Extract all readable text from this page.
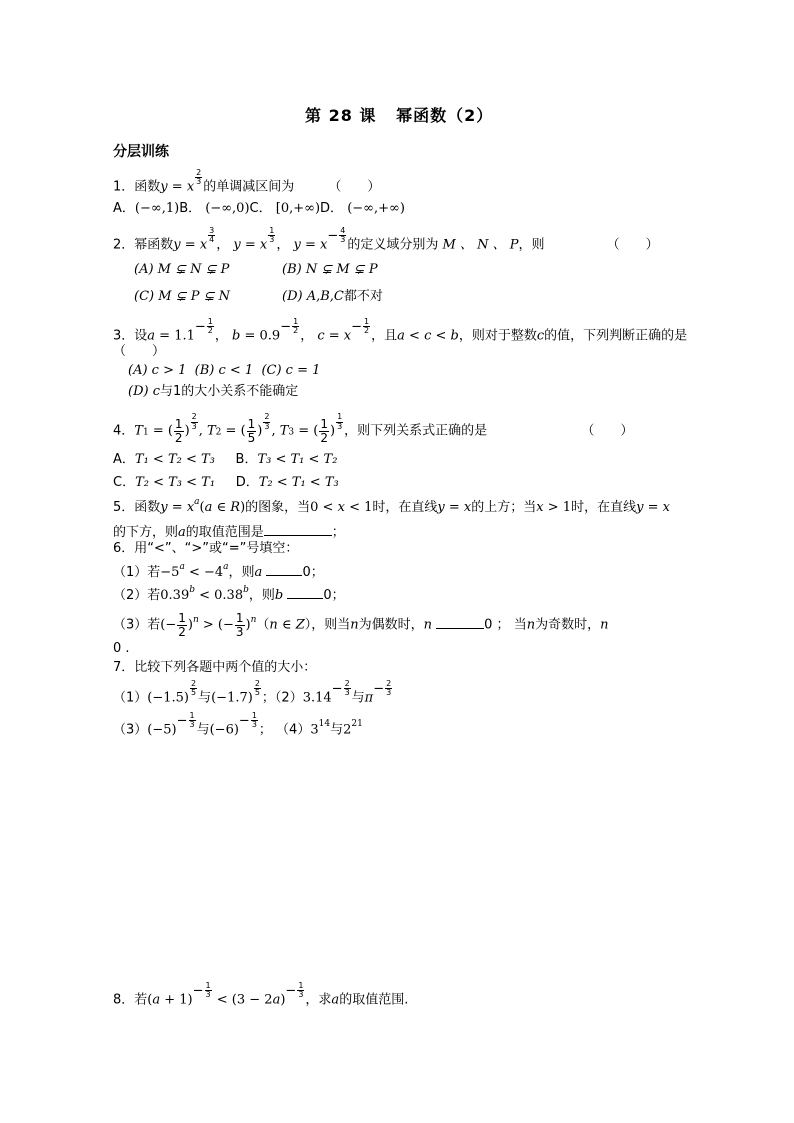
第 28 课 幂函数（2）
分层训练
1．函数y = x
$\frac{2}{3}$
的单调减区间为	（　　）
A．(−∞,1)B． (−∞,0)C． [0,+∞)D． (−∞,+∞)
2．幂函数y = x
$\frac{3}{4}$
， y = x
$\frac{1}{3}$
， $y = x- \frac{4}{3}$
的定义域分别为 M 、 N 、 P，则	（　　）
(A) M ⊊ N ⊊ P	(B) N ⊊ M ⊊ P
(C) M ⊊ P ⊊ N	(D) A,B,C都不对
3．设$a = 1.1- \frac{1}{2}$
， $b = 0.9- \frac{1}{2}$
， $c = x- \frac{1}{2}$
，且a < c < b，则对于整数c的值，下列判断正确的是
（　　）
(A) c > 1 (B) c < 1 (C) c = 1
(D) c与1的大小关系不能确定
4．T1 = ( $\frac{1}{2}$ )
$\frac{2}{3}$
, T2 = ( $\frac{1}{5}$ )
$\frac{2}{3}$
, T3 = ( $\frac{1}{2}$ )
$\frac{1}{3}$
，则下列关系式正确的是	（　　）
A．T₁ < T₂ < T₃ B．T₃ < T₁ < T₂
C．T₂ < T₃ < T₁ D．T₂ < T₁ < T₃
5．函数$y = x^a(a$ ∈ R)的图象，当0 < x < 1时，在直线y = x的上方；当x > 1时，在直线y = x
的下方，则a的取值范围是	；
6．用“<”、“>”或“=”号填空：
（1）若$-5^a < -4^a$，则a	0；
（2）若0.39$^b$ < 0.38$^b$，则b	0；
（3）若(− $\frac{1}{2} )^n$ > (− $\frac{1}{3} )^n(n$ ∈ Z），则当n为偶数时，n	0 ； 当n为奇数时，n
0 .
7．比较下列各题中两个值的大小：
（1）(−1.5)
$\frac{2}{5}$
与(−1.7)
$\frac{2}{5}$
；$(2)3.14- \frac{2}{3}$
与$\pi- \frac{2}{3}$
$(3)(-5)- \frac{1}{3}$
与$(-6)- \frac{1}{3}$
； $(4)3^{14}$与$2^{21}$
8．若$(a + 1)- \frac{1}{3}$
< $(3 - 2a)- \frac{1}{3}$
，求a的取值范围.
